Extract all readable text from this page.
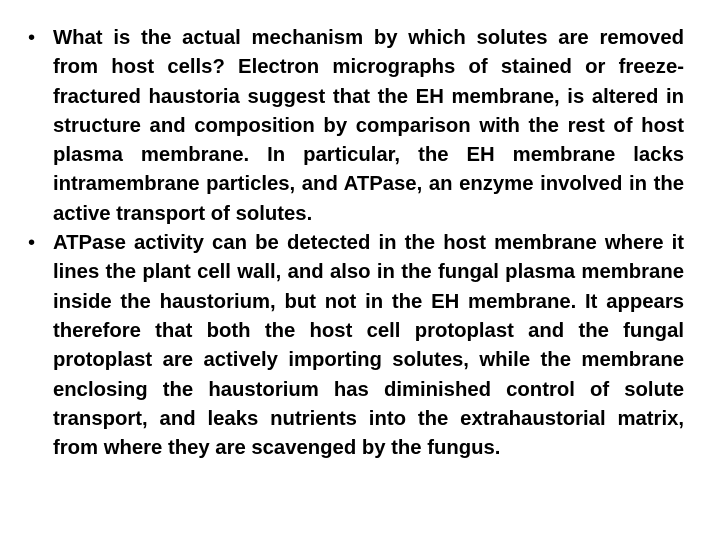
• What is the actual mechanism by which solutes are removed from host cells? Electron micrographs of stained or freeze-fractured haustoria suggest that the EH membrane, is altered in structure and composition by comparison with the rest of host plasma membrane. In particular, the EH membrane lacks intramembrane particles, and ATPase, an enzyme involved in the active transport of solutes.
• ATPase activity can be detected in the host membrane where it lines the plant cell wall, and also in the fungal plasma membrane inside the haustorium, but not in the EH membrane. It appears therefore that both the host cell protoplast and the fungal protoplast are actively importing solutes, while the membrane enclosing the haustorium has diminished control of solute transport, and leaks nutrients into the extrahaustorial matrix, from where they are scavenged by the fungus.
